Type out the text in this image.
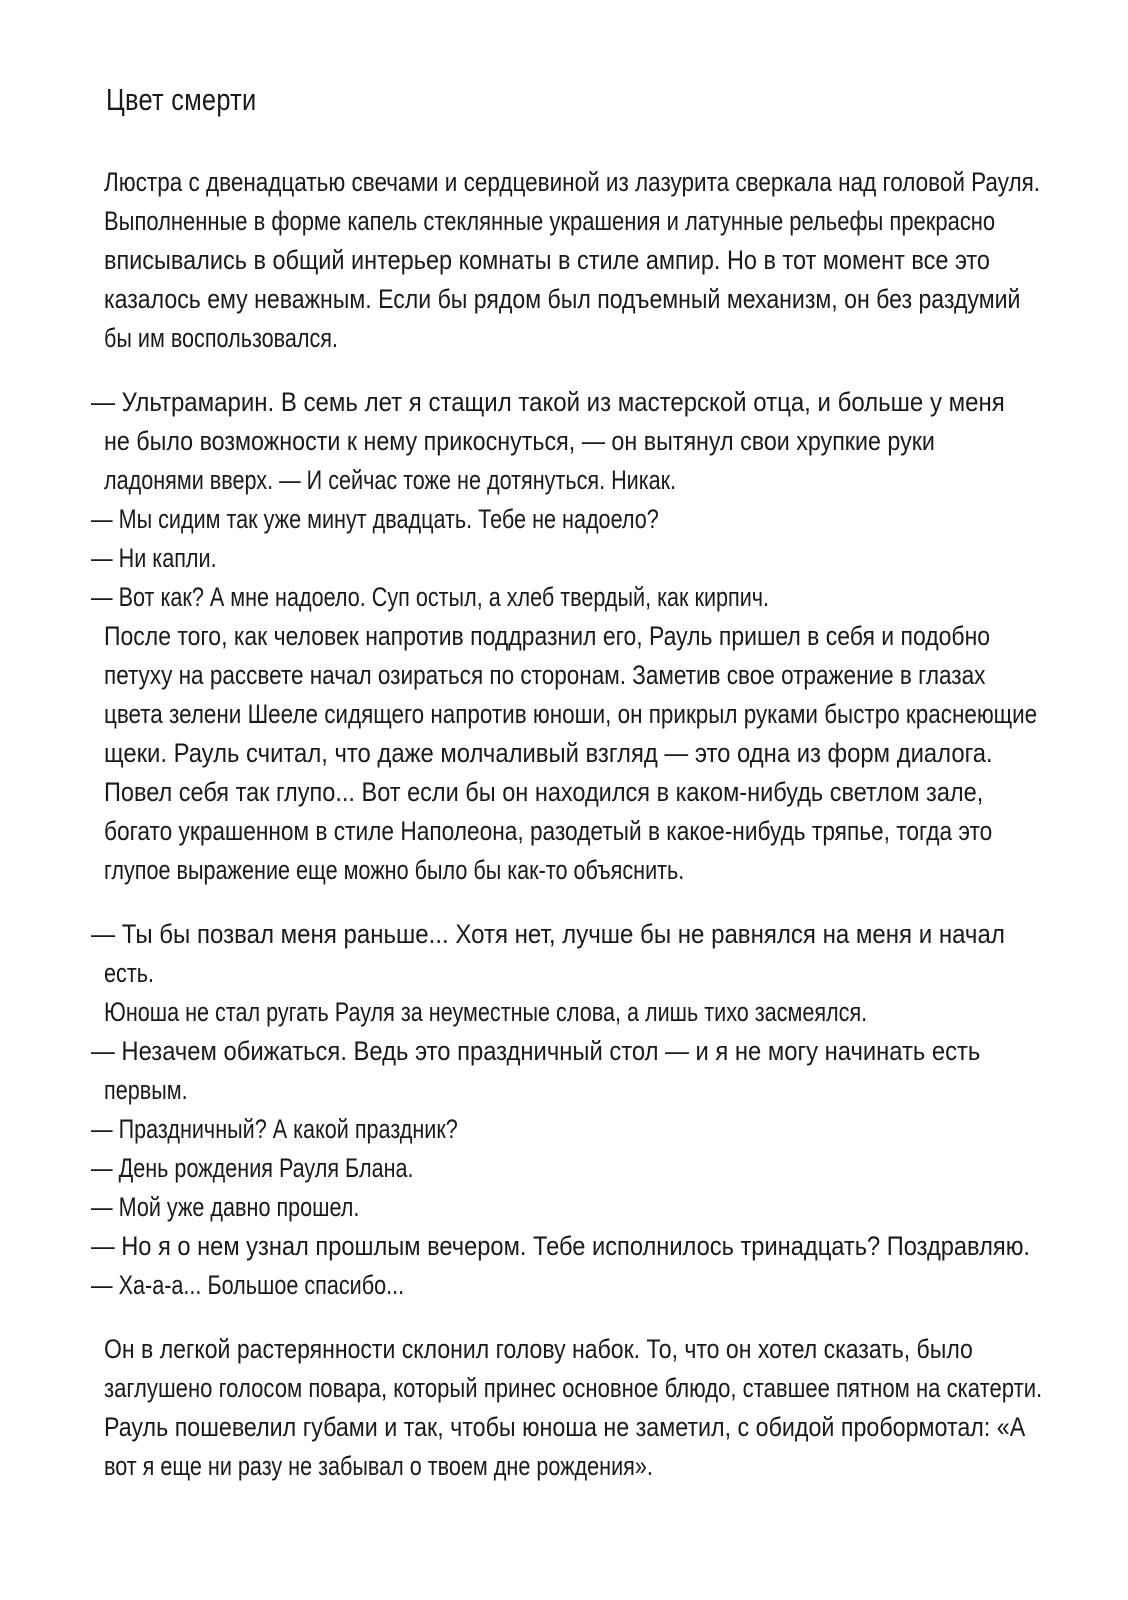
Цвет смерти
Люстра с двенадцатью свечами и сердцевиной из лазурита сверкала над головой Рауля.
Выполненные в форме капель стеклянные украшения и латунные рельефы прекрасно
вписывались в общий интерьер комнаты в стиле ампир. Но в тот момент все это
казалось ему неважным. Если бы рядом был подъемный механизм, он без раздумий
бы им воспользовался.
— Ультрамарин. В семь лет я стащил такой из мастерской отца, и больше у меня
не было возможности к нему прикоснуться, — он вытянул свои хрупкие руки
ладонями вверх. — И сейчас тоже не дотянуться. Никак.
— Мы сидим так уже минут двадцать. Тебе не надоело?
— Ни капли.
— Вот как? А мне надоело. Суп остыл, а хлеб твердый, как кирпич.
После того, как человек напротив поддразнил его, Рауль пришел в себя и подобно
петуху на рассвете начал озираться по сторонам. Заметив свое отражение в глазах
цвета зелени Шееле сидящего напротив юноши, он прикрыл руками быстро краснеющие
щеки. Рауль считал, что даже молчаливый взгляд — это одна из форм диалога.
Повел себя так глупо... Вот если бы он находился в каком-нибудь светлом зале,
богато украшенном в стиле Наполеона, разодетый в какое-нибудь тряпье, тогда это
глупое выражение еще можно было бы как-то объяснить.
— Ты бы позвал меня раньше... Хотя нет, лучше бы не равнялся на меня и начал
есть.
Юноша не стал ругать Рауля за неуместные слова, а лишь тихо засмеялся.
— Незачем обижаться. Ведь это праздничный стол — и я не могу начинать есть
первым.
— Праздничный? А какой праздник?
— День рождения Рауля Блана.
— Мой уже давно прошел.
— Но я о нем узнал прошлым вечером. Тебе исполнилось тринадцать? Поздравляю.
— Ха-а-а... Большое спасибо...
Он в легкой растерянности склонил голову набок. То, что он хотел сказать, было
заглушено голосом повара, который принес основное блюдо, ставшее пятном на скатерти.
Рауль пошевелил губами и так, чтобы юноша не заметил, с обидой пробормотал: «А
вот я еще ни разу не забывал о твоем дне рождения».
